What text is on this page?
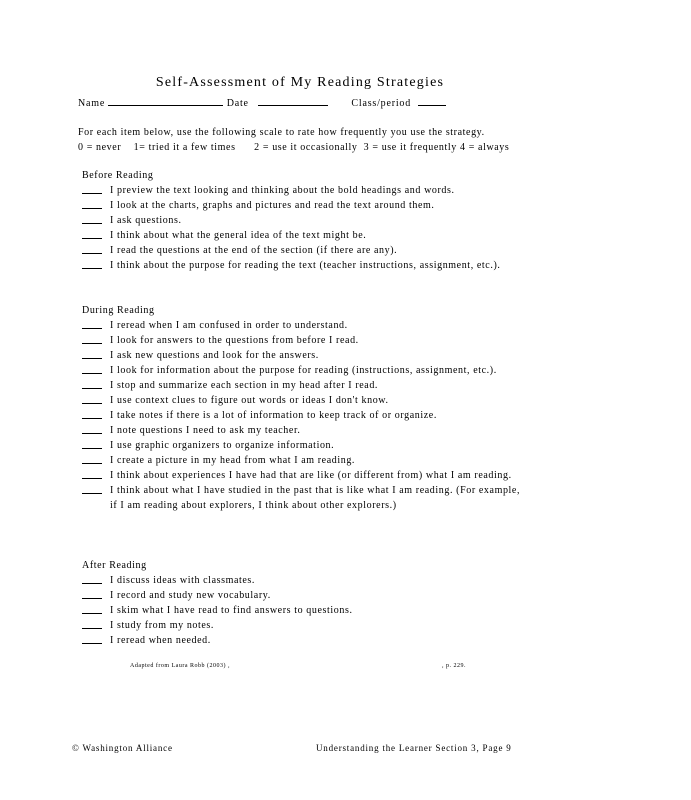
Self-Assessment of My Reading Strategies
Name	Date	Class/period
For each item below, use the following scale to rate how frequently you use the strategy.
0 = never    1= tried it a few times      2 = use it occasionally  3 = use it frequently 4 = always
Before Reading
I preview the text looking and thinking about the bold headings and words.
I look at the charts, graphs and pictures and read the text around them.
I ask questions.
I think about what the general idea of the text might be.
I read the questions at the end of the section (if there are any).
I think about the purpose for reading the text (teacher instructions, assignment, etc.).
During Reading
I reread when I am confused in order to understand.
I look for answers to the questions from before I read.
I ask new questions and look for the answers.
I look for information about the purpose for reading (instructions, assignment, etc.).
I stop and summarize each section in my head after I read.
I use context clues to figure out words or ideas I don't know.
I take notes if there is a lot of information to keep track of or organize.
I note questions I need to ask my teacher.
I use graphic organizers to organize information.
I create a picture in my head from what I am reading.
I think about experiences I have had that are like (or different from) what I am reading.
I think about what I have studied in the past that is like what I am reading. (For example, if I am reading about explorers, I think about other explorers.)
After Reading
I discuss ideas with classmates.
I record and study new vocabulary.
I skim what I have read to find answers to questions.
I study from my notes.
I reread when needed.
Adapted from Laura Robb (2003) ,	, p. 229.
© Washington Alliance	Understanding the Learner Section 3, Page 9
